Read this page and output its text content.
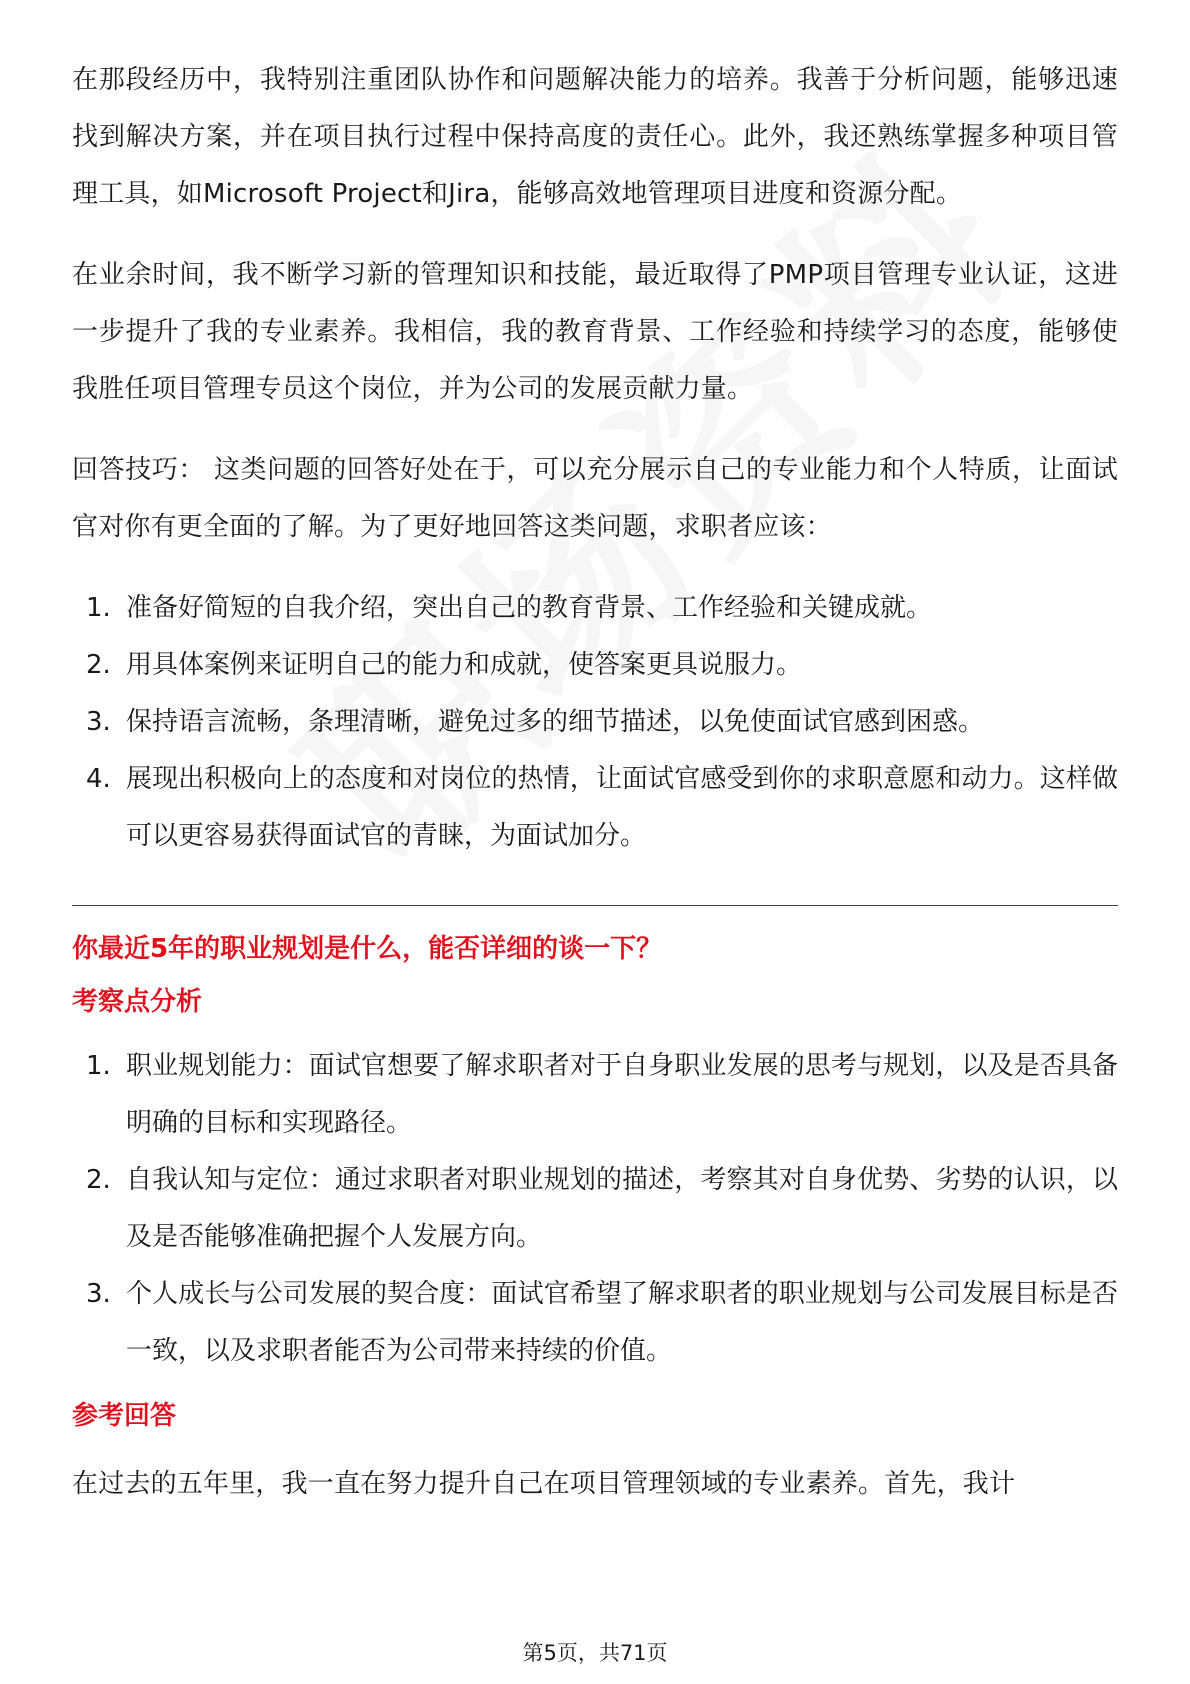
在那段经历中，我特别注重团队协作和问题解决能力的培养。我善于分析问题，能够迅速找到解决方案，并在项目执行过程中保持高度的责任心。此外，我还熟练掌握多种项目管理工具，如Microsoft Project和Jira，能够高效地管理项目进度和资源分配。

在业余时间，我不断学习新的管理知识和技能，最近取得了PMP项目管理专业认证，这进一步提升了我的专业素养。我相信，我的教育背景、工作经验和持续学习的态度，能够使我胜任项目管理专员这个岗位，并为公司的发展贡献力量。

回答技巧： 这类问题的回答好处在于，可以充分展示自己的专业能力和个人特质，让面试官对你有更全面的了解。为了更好地回答这类问题，求职者应该：

1. 准备好简短的自我介绍，突出自己的教育背景、工作经验和关键成就。
2. 用具体案例来证明自己的能力和成就，使答案更具说服力。
3. 保持语言流畅，条理清晰，避免过多的细节描述，以免使面试官感到困惑。
4. 展现出积极向上的态度和对岗位的热情，让面试官感受到你的求职意愿和动力。这样做可以更容易获得面试官的青睐，为面试加分。

你最近5年的职业规划是什么，能否详细的谈一下？

考察点分析

1. 职业规划能力：面试官想要了解求职者对于自身职业发展的思考与规划，以及是否具备明确的目标和实现路径。
2. 自我认知与定位：通过求职者对职业规划的描述，考察其对自身优势、劣势的认识，以及是否能够准确把握个人发展方向。
3. 个人成长与公司发展的契合度：面试官希望了解求职者的职业规划与公司发展目标是否一致，以及求职者能否为公司带来持续的价值。

参考回答

在过去的五年里，我一直在努力提升自己在项目管理领域的专业素养。首先，我计

第5页，共71页
